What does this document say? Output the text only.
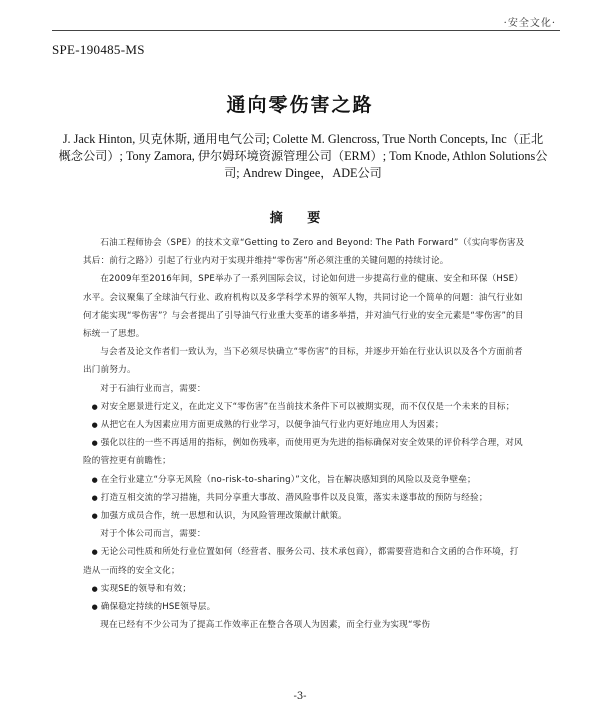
·安全文化·
SPE-190485-MS
通向零伤害之路
J. Jack Hinton, 贝克休斯, 通用电气公司; Colette M. Glencross, True North Concepts, Inc（正北概念公司）; Tony Zamora, 伊尔姆环境资源管理公司（ERM）; Tom Knode, Athlon Solutions公司; Andrew Dingee，ADE公司
摘 要

石油工程师协会（SPE）的技术文章“Getting to Zero and Beyond: The Path Forward”（《实向零伤害及其后：前行之路》）引起了行业内对于实现并维持“零伤害”所必须注重的关键问题的持续讨论。

在2009年至2016年间，SPE举办了一系列国际会议，讨论如何进一步提高行业的健康、安全和环保（HSE）水平。会议聚集了全球油气行业、政府机构以及多学科学术界的领军人物，共同讨论一个简单的问题：油气行业如何才能实现“零伤害”？与会者提出了引导油气行业重大变革的诸多举措，并对油气行业的安全元素是“零伤害”的目标统一了思想。

与会者及论文作者们一致认为，当下必须尽快确立“零伤害”的目标，并逐步开始在行业认识以及各个方面前者出门前努力。

对于石油行业而言，需要：

● 对安全愿景进行定义，在此定义下“零伤害”在当前技术条件下可以被期实现，而不仅仅是一个未来的目标；
● 从把它在人为因素应用方面更成熟的行业学习，以便争油气行业内更好地应用人为因素；
● 强化以往的一些不再适用的指标，例如伤残率，而使用更为先进的指标确保对安全效果的评价科学合理，对风险的管控更有前瞻性；
● 在全行业建立“分享无风险（no-risk-to-sharing）”文化，旨在解决感知到的风险以及竞争壁垒；
● 打造互相交流的学习措施，共同分享重大事故、潜风险事件以及良策，落实未遂事故的预防与经验；
● 加强方成员合作，统一思想和认识，为风险管理改策献计献策。

对于个体公司而言，需要：

● 无论公司性质和所处行业位置如何（经营者、服务公司、技术承包商），都需要营造和合文函的合作环境，打造从一而终的安全文化；
● 实现SE的领导和有效；
● 确保稳定持续的HSE领导层。

现在已经有不少公司为了提高工作效率正在整合各项人为因素，而全行业为实现“零伤

-3-
